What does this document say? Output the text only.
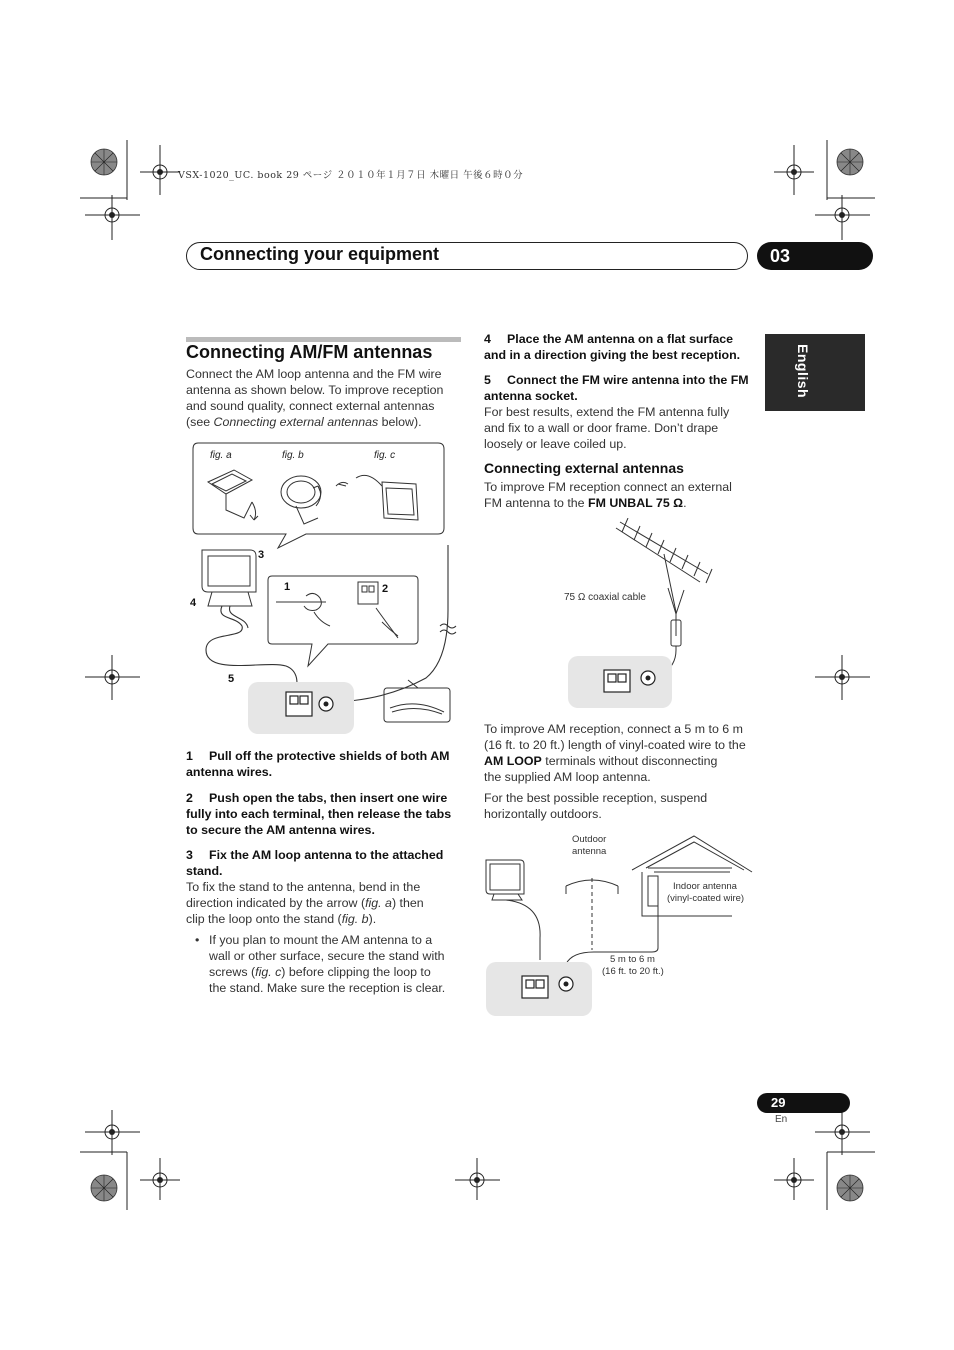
VSX-1020_UC. book 29 ページ ２０１０年１月７日 木曜日 午後６時０分
Connecting your equipment	03
English
Connecting AM/FM antennas
Connect the AM loop antenna and the FM wire
antenna as shown below. To improve reception
and sound quality, connect external antennas
(see Connecting external antennas below).
fig. a	fig. b	fig. c
3
4
1	2
5
1 Pull off the protective shields of both AM
antenna wires.
2 Push open the tabs, then insert one wire
fully into each terminal, then release the tabs
to secure the AM antenna wires.
3 Fix the AM loop antenna to the attached
stand.
To fix the stand to the antenna, bend in the
direction indicated by the arrow (fig. a) then
clip the loop onto the stand (fig. b).
• If you plan to mount the AM antenna to a
wall or other surface, secure the stand with
screws (fig. c) before clipping the loop to
the stand. Make sure the reception is clear.
4 Place the AM antenna on a flat surface
and in a direction giving the best reception.
5 Connect the FM wire antenna into the FM
antenna socket.
For best results, extend the FM antenna fully
and fix to a wall or door frame. Don’t drape
loosely or leave coiled up.
Connecting external antennas
To improve FM reception connect an external
FM antenna to the FM UNBAL 75 Ω.
75 Ω coaxial cable
To improve AM reception, connect a 5 m to 6 m
(16 ft. to 20 ft.) length of vinyl-coated wire to the
AM LOOP terminals without disconnecting
the supplied AM loop antenna.
For the best possible reception, suspend
horizontally outdoors.
Outdoor
antenna
Indoor antenna
(vinyl-coated wire)
5 m to 6 m
(16 ft. to 20 ft.)
29
En
